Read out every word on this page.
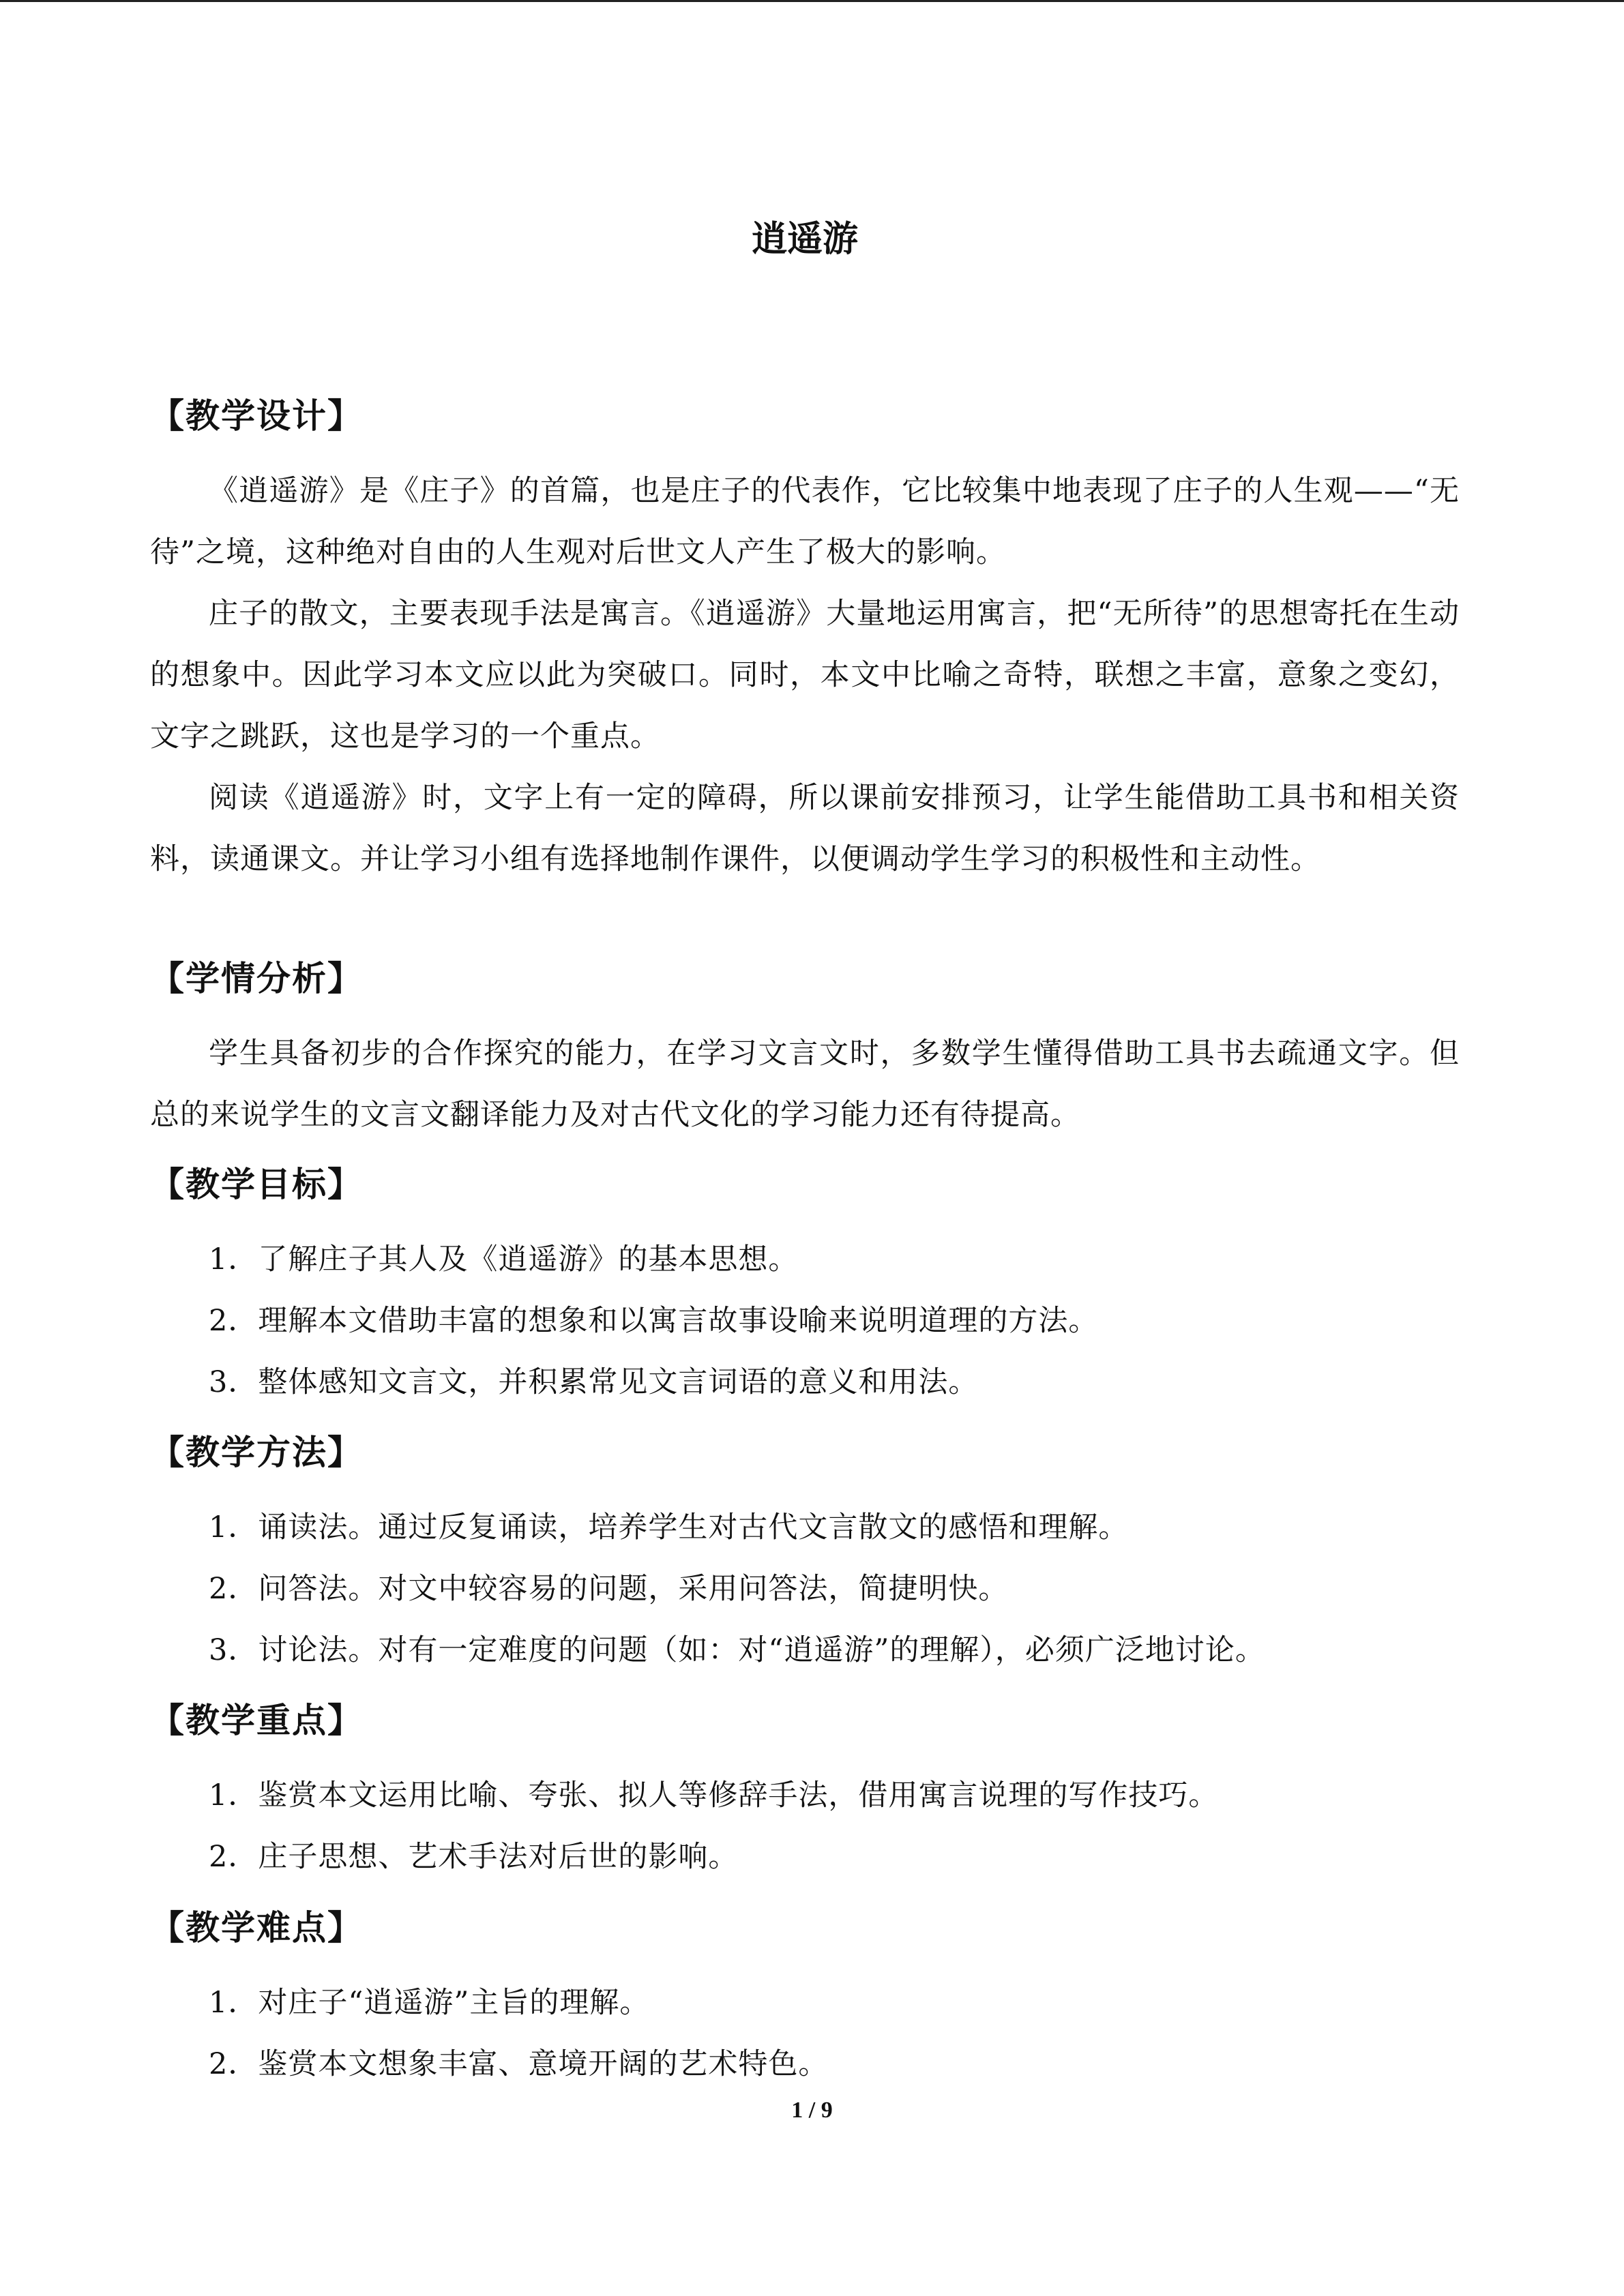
逍遥游
【教学设计】

《逍遥游》是《庄子》的首篇，也是庄子的代表作，它比较集中地表现了庄子的人生观——“无待”之境，这种绝对自由的人生观对后世文人产生了极大的影响。

庄子的散文，主要表现手法是寓言。《逍遥游》大量地运用寓言，把“无所待”的思想寄托在生动的想象中。因此学习本文应以此为突破口。同时，本文中比喻之奇特，联想之丰富，意象之变幻，文字之跳跃，这也是学习的一个重点。

阅读《逍遥游》时，文字上有一定的障碍，所以课前安排预习，让学生能借助工具书和相关资料，读通课文。并让学习小组有选择地制作课件，以便调动学生学习的积极性和主动性。

【学情分析】

学生具备初步的合作探究的能力，在学习文言文时，多数学生懂得借助工具书去疏通文字。但总的来说学生的文言文翻译能力及对古代文化的学习能力还有待提高。

【教学目标】
1．了解庄子其人及《逍遥游》的基本思想。
2．理解本文借助丰富的想象和以寓言故事设喻来说明道理的方法。
3．整体感知文言文，并积累常见文言词语的意义和用法。
【教学方法】
1．诵读法。通过反复诵读，培养学生对古代文言散文的感悟和理解。
2．问答法。对文中较容易的问题，采用问答法，简捷明快。
3．讨论法。对有一定难度的问题（如：对“逍遥游”的理解），必须广泛地讨论。
【教学重点】
1．鉴赏本文运用比喻、夸张、拟人等修辞手法，借用寓言说理的写作技巧。
2．庄子思想、艺术手法对后世的影响。
【教学难点】
1．对庄子“逍遥游”主旨的理解。
2．鉴赏本文想象丰富、意境开阔的艺术特色。
1 / 9
